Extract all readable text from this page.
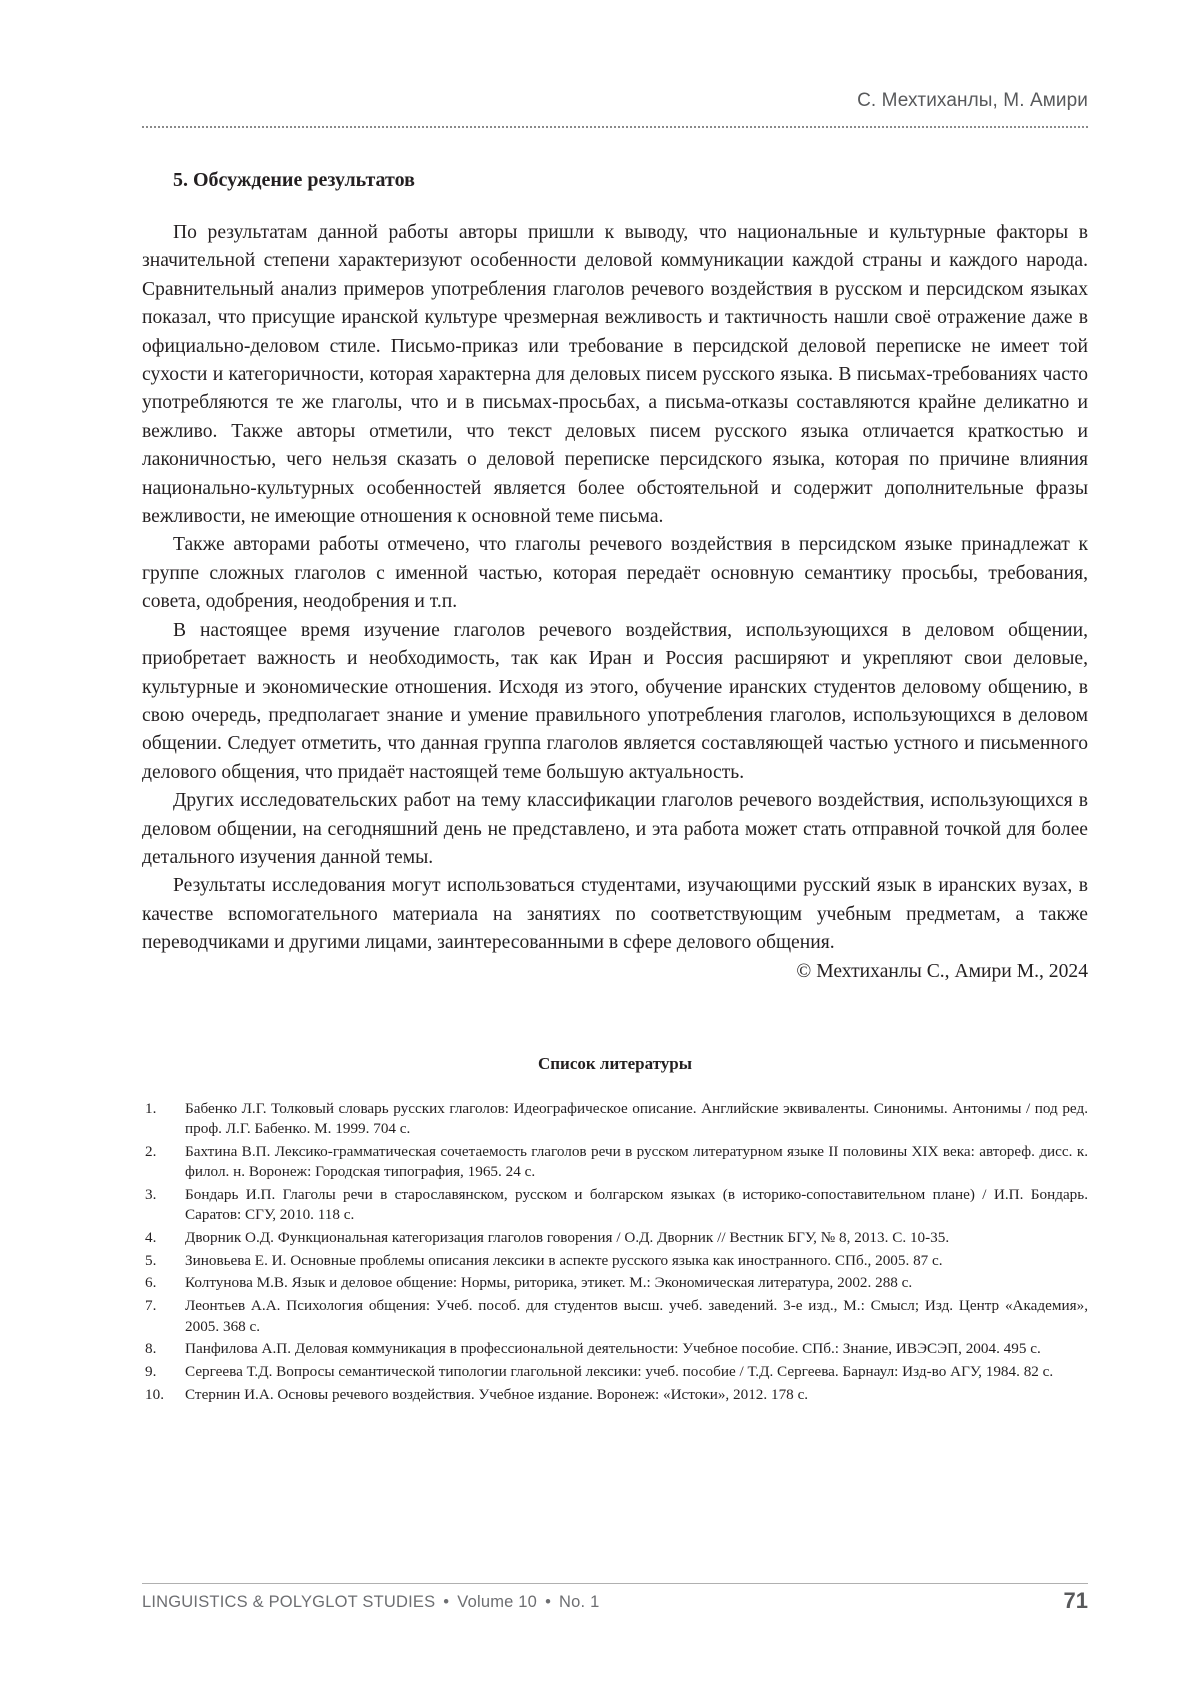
С. Мехтиханлы, М. Амири
5. Обсуждение результатов

По результатам данной работы авторы пришли к выводу, что национальные и культурные факторы в значительной степени характеризуют особенности деловой коммуникации каждой страны и каждого народа. Сравнительный анализ примеров употребления глаголов речевого воздействия в русском и персидском языках показал, что присущие иранской культуре чрезмерная вежливость и тактичность нашли своё отражение даже в официально-деловом стиле. Письмо-приказ или требование в персидской деловой переписке не имеет той сухости и категоричности, которая характерна для деловых писем русского языка. В письмах-требованиях часто употребляются те же глаголы, что и в письмах-просьбах, а письма-отказы составляются крайне деликатно и вежливо. Также авторы отметили, что текст деловых писем русского языка отличается краткостью и лаконичностью, чего нельзя сказать о деловой переписке персидского языка, которая по причине влияния национально-культурных особенностей является более обстоятельной и содержит дополнительные фразы вежливости, не имеющие отношения к основной теме письма.

Также авторами работы отмечено, что глаголы речевого воздействия в персидском языке принадлежат к группе сложных глаголов с именной частью, которая передаёт основную семантику просьбы, требования, совета, одобрения, неодобрения и т.п.

В настоящее время изучение глаголов речевого воздействия, использующихся в деловом общении, приобретает важность и необходимость, так как Иран и Россия расширяют и укрепляют свои деловые, культурные и экономические отношения. Исходя из этого, обучение иранских студентов деловому общению, в свою очередь, предполагает знание и умение правильного употребления глаголов, использующихся в деловом общении. Следует отметить, что данная группа глаголов является составляющей частью устного и письменного делового общения, что придаёт настоящей теме большую актуальность.

Других исследовательских работ на тему классификации глаголов речевого воздействия, использующихся в деловом общении, на сегодняшний день не представлено, и эта работа может стать отправной точкой для более детального изучения данной темы.

Результаты исследования могут использоваться студентами, изучающими русский язык в иранских вузах, в качестве вспомогательного материала на занятиях по соответствующим учебным предметам, а также переводчиками и другими лицами, заинтересованными в сфере делового общения.

© Мехтиханлы С., Амири М., 2024
Список литературы
1. Бабенко Л.Г. Толковый словарь русских глаголов: Идеографическое описание. Английские эквиваленты. Синонимы. Антонимы / под ред. проф. Л.Г. Бабенко. М. 1999. 704 с.
2. Бахтина В.П. Лексико-грамматическая сочетаемость глаголов речи в русском литературном языке II половины XIX века: автореф. дисс. к. филол. н. Воронеж: Городская типография, 1965. 24 с.
3. Бондарь И.П. Глаголы речи в старославянском, русском и болгарском языках (в историко-сопоставительном плане) / И.П. Бондарь. Саратов: СГУ, 2010. 118 с.
4. Дворник О.Д. Функциональная категоризация глаголов говорения / О.Д. Дворник // Вестник БГУ, № 8, 2013. С. 10-35.
5. Зиновьева Е. И. Основные проблемы описания лексики в аспекте русского языка как иностранного. СПб., 2005. 87 с.
6. Колтунова М.В. Язык и деловое общение: Нормы, риторика, этикет. М.: Экономическая литература, 2002. 288 с.
7. Леонтьев А.А. Психология общения: Учеб. пособ. для студентов высш. учеб. заведений. 3-е изд., М.: Смысл; Изд. Центр «Академия», 2005. 368 с.
8. Панфилова А.П. Деловая коммуникация в профессиональной деятельности: Учебное пособие. СПб.: Знание, ИВЭСЭП, 2004. 495 с.
9. Сергеева Т.Д. Вопросы семантической типологии глагольной лексики: учеб. пособие / Т.Д. Сергеева. Барнаул: Изд-во АГУ, 1984. 82 с.
10. Стернин И.А. Основы речевого воздействия. Учебное издание. Воронеж: «Истоки», 2012. 178 с.
LINGUISTICS & POLYGLOT STUDIES • Volume 10 • No. 1	71
